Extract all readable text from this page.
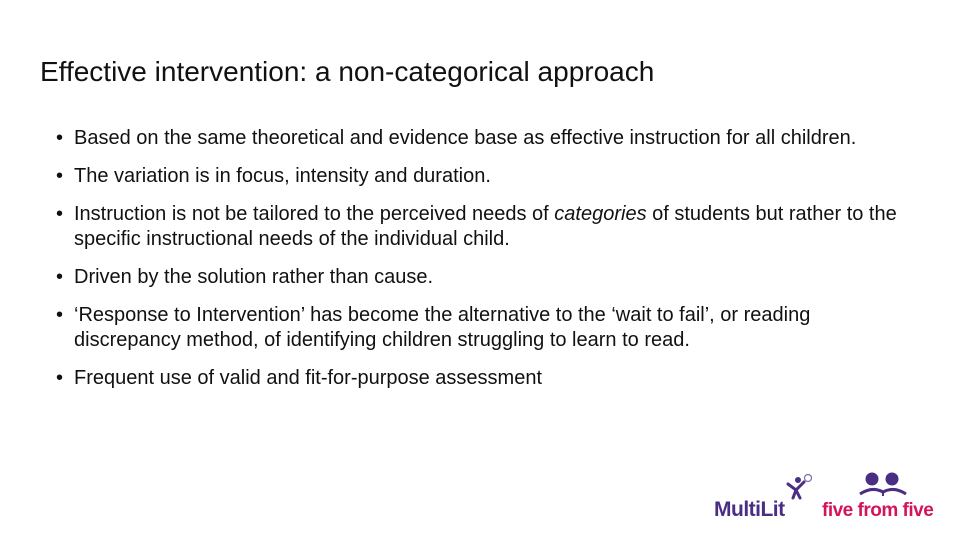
Effective intervention: a non-categorical approach
• Based on the same theoretical and evidence base as effective instruction for all children.
• The variation is in focus, intensity and duration.
• Instruction is not be tailored to the perceived needs of categories of students but rather to the specific instructional needs of the individual child.
• Driven by the solution rather than cause.
• ‘Response to Intervention’ has become the alternative to the ‘wait to fail’, or reading discrepancy method, of identifying children struggling to learn to read.
• Frequent use of valid and fit-for-purpose assessment
MultiLit five from five
